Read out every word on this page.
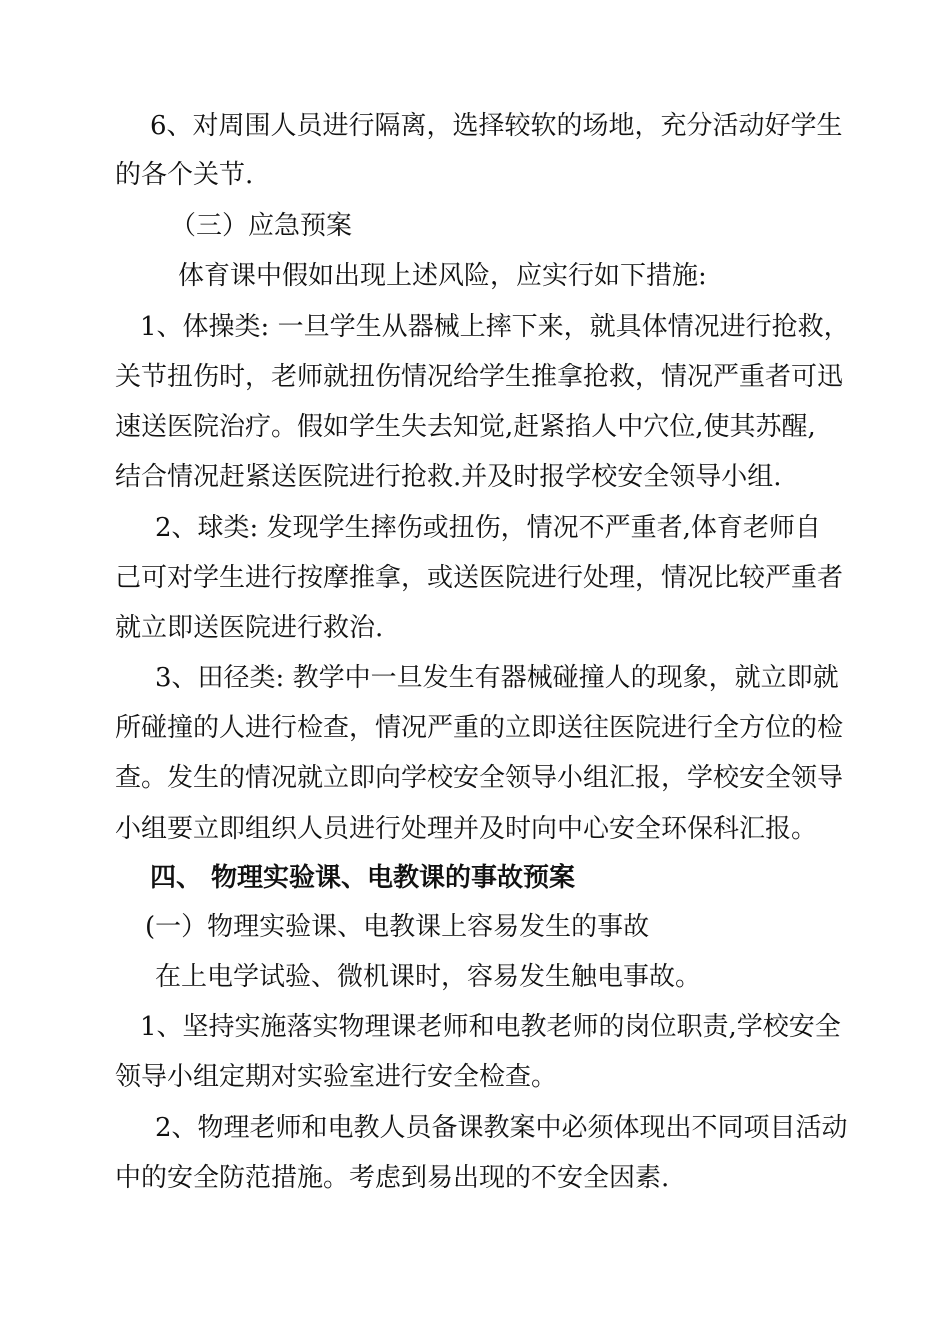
6、对周围人员进行隔离，选择较软的场地，充分活动好学生

的各个关节.

（三）应急预案

体育课中假如出现上述风险，应实行如下措施:

1、体操类: 一旦学生从器械上摔下来，就具体情况进行抢救，

关节扭伤时，老师就扭伤情况给学生推拿抢救，情况严重者可迅

速送医院治疗。假如学生失去知觉,赶紧掐人中穴位,使其苏醒,

结合情况赶紧送医院进行抢救.并及时报学校安全领导小组.

2、球类: 发现学生摔伤或扭伤，情况不严重者,体育老师自

己可对学生进行按摩推拿，或送医院进行处理，情况比较严重者

就立即送医院进行救治.

3、田径类: 教学中一旦发生有器械碰撞人的现象，就立即就

所碰撞的人进行检查，情况严重的立即送往医院进行全方位的检

查。发生的情况就立即向学校安全领导小组汇报，学校安全领导

小组要立即组织人员进行处理并及时向中心安全环保科汇报。

四、 物理实验课、电教课的事故预案

(一）物理实验课、电教课上容易发生的事故

在上电学试验、微机课时，容易发生触电事故。

1、坚持实施落实物理课老师和电教老师的岗位职责,学校安全

领导小组定期对实验室进行安全检查。

2、物理老师和电教人员备课教案中必须体现出不同项目活动

中的安全防范措施。考虑到易出现的不安全因素.
